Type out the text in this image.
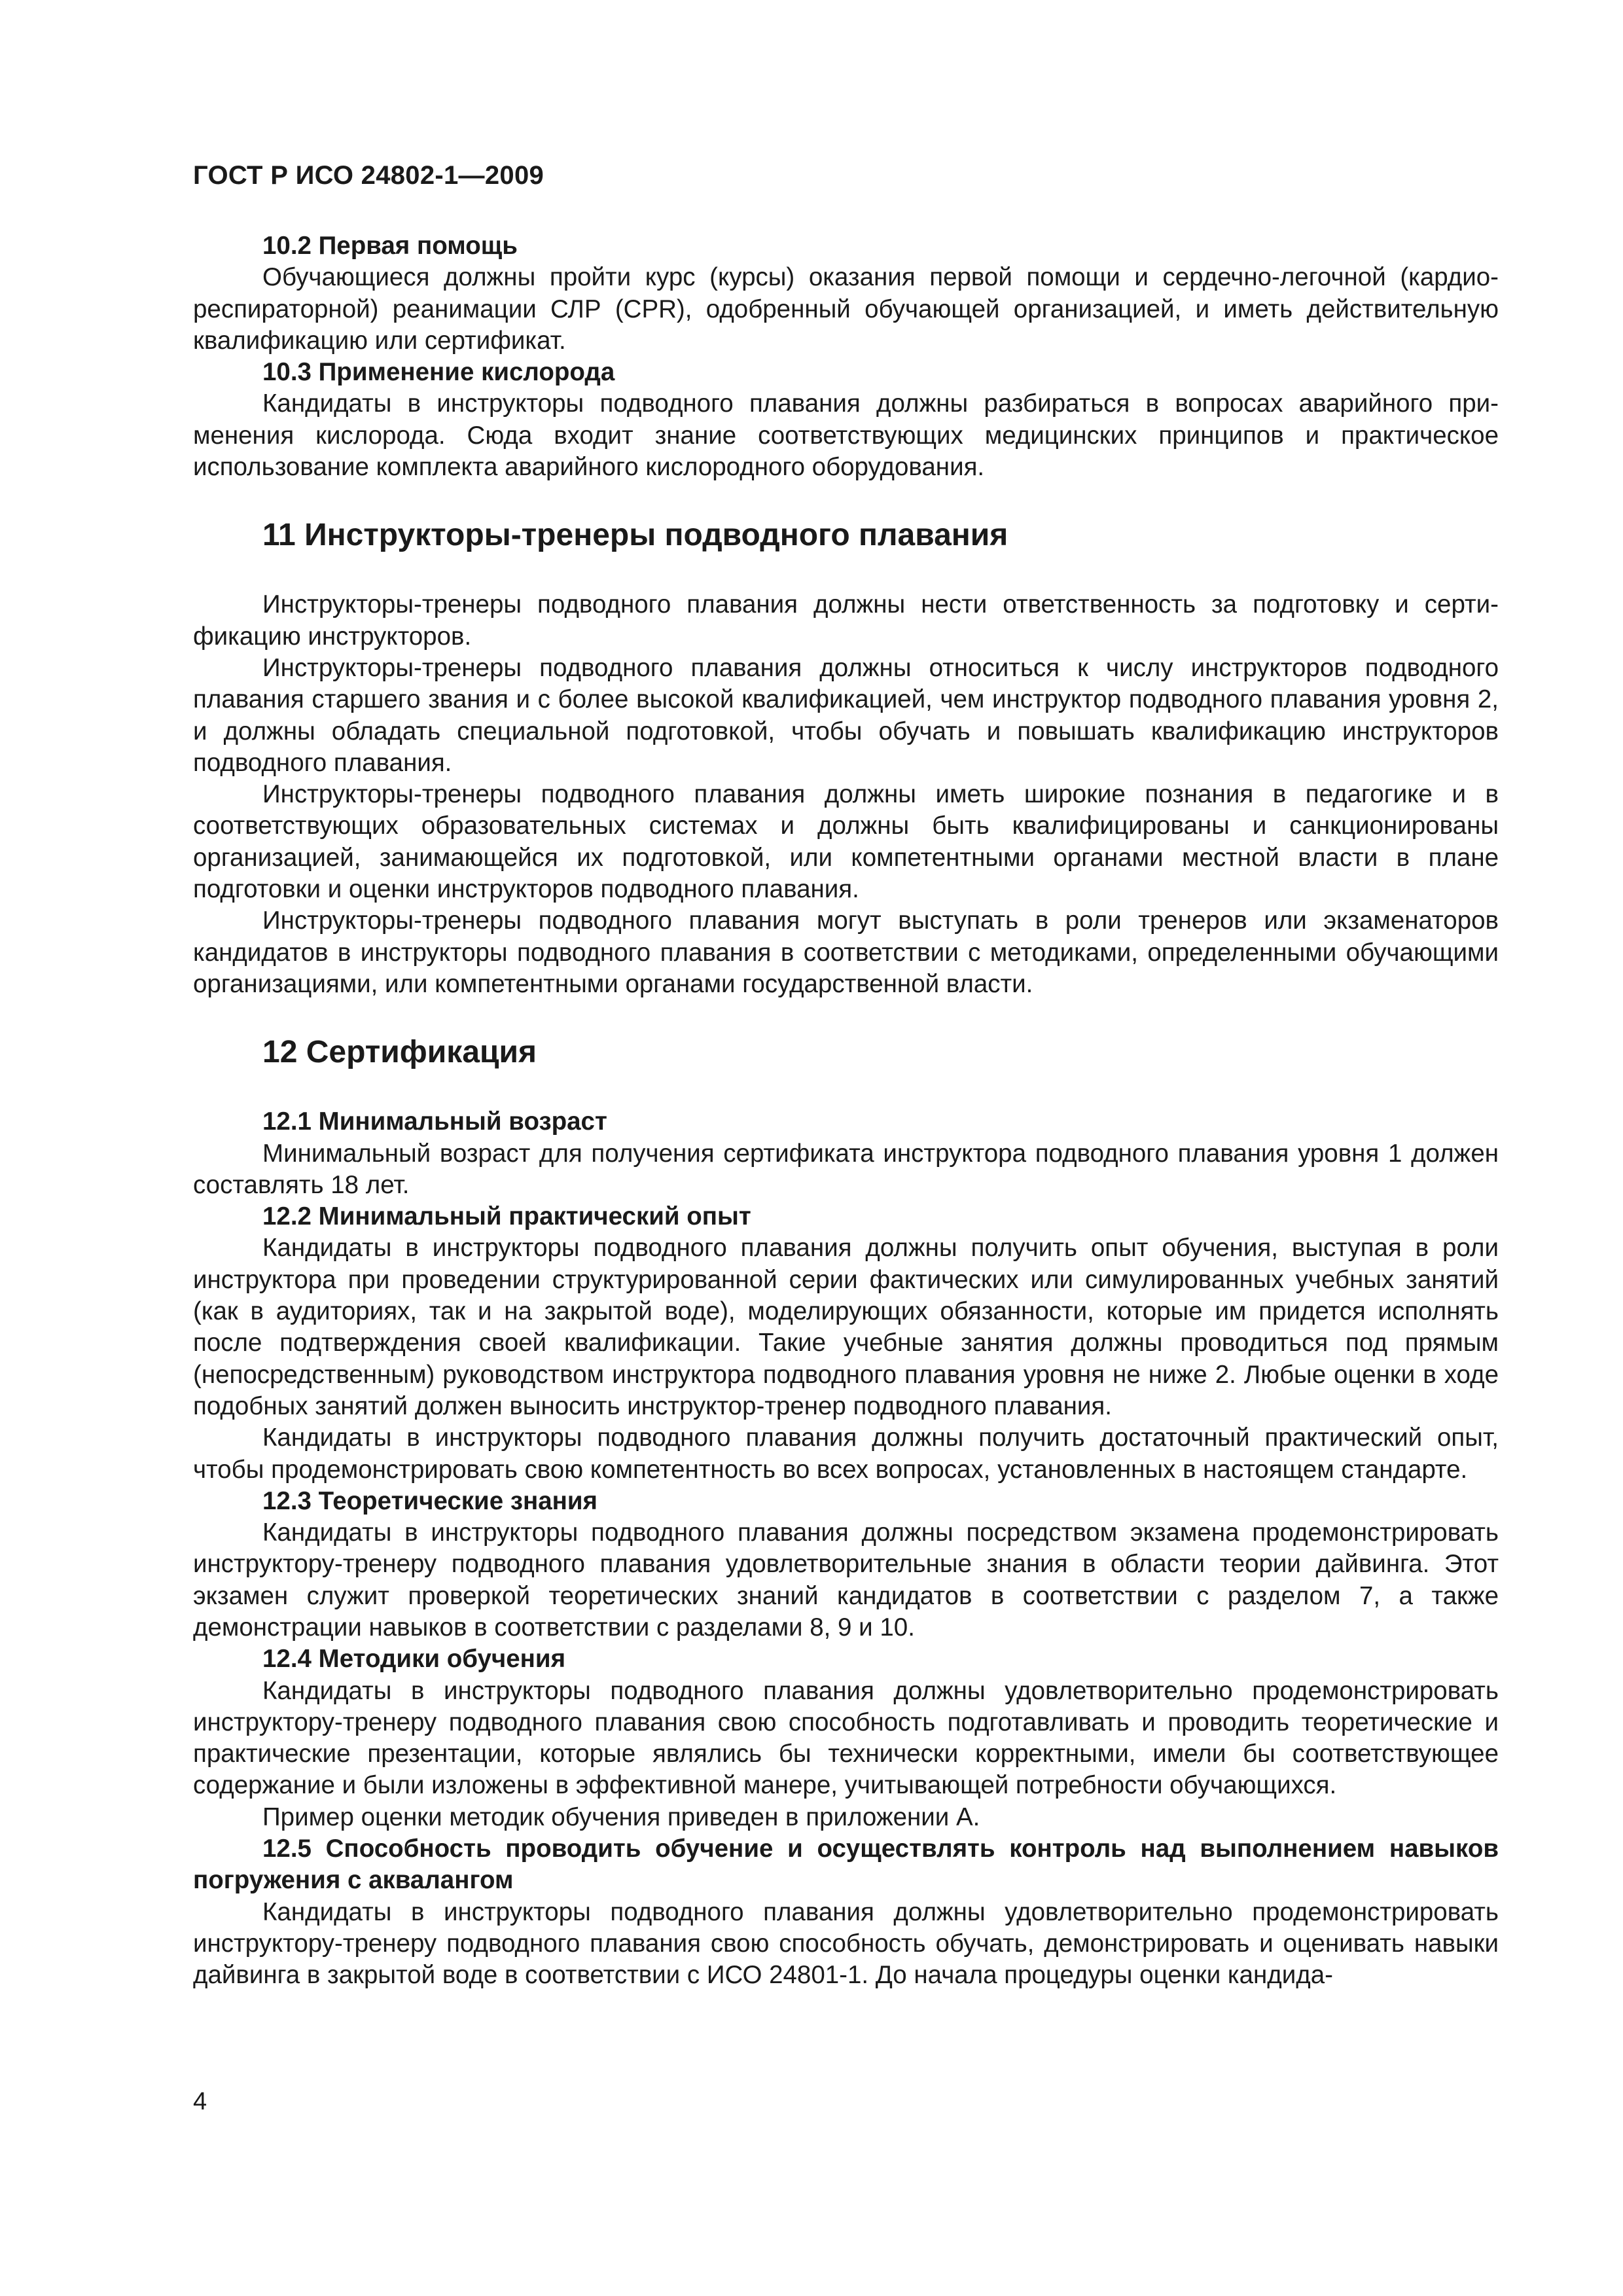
ГОСТ Р ИСО 24802-1—2009
10.2 Первая помощь

Обучающиеся должны пройти курс (курсы) оказания первой помощи и сердечно-легочной (кардиореспираторной) реанимации СЛР (CPR), одобренный обучающей организацией, и иметь действительную квалификацию или сертификат.

10.3 Применение кислорода

Кандидаты в инструкторы подводного плавания должны разбираться в вопросах аварийного применения кислорода. Сюда входит знание соответствующих медицинских принципов и практическое использование комплекта аварийного кислородного оборудования.

11 Инструкторы-тренеры подводного плавания

Инструкторы-тренеры подводного плавания должны нести ответственность за подготовку и сертификацию инструкторов.

Инструкторы-тренеры подводного плавания должны относиться к числу инструкторов подводного плавания старшего звания и с более высокой квалификацией, чем инструктор подводного плавания уровня 2, и должны обладать специальной подготовкой, чтобы обучать и повышать квалификацию инструкторов подводного плавания.

Инструкторы-тренеры подводного плавания должны иметь широкие познания в педагогике и в соответствующих образовательных системах и должны быть квалифицированы и санкционированы организацией, занимающейся их подготовкой, или компетентными органами местной власти в плане подготовки и оценки инструкторов подводного плавания.

Инструкторы-тренеры подводного плавания могут выступать в роли тренеров или экзаменаторов кандидатов в инструкторы подводного плавания в соответствии с методиками, определенными обучающими организациями, или компетентными органами государственной власти.

12 Сертификация
12.1 Минимальный возраст

Минимальный возраст для получения сертификата инструктора подводного плавания уровня 1 должен составлять 18 лет.

12.2 Минимальный практический опыт

Кандидаты в инструкторы подводного плавания должны получить опыт обучения, выступая в роли инструктора при проведении структурированной серии фактических или симулированных учебных занятий (как в аудиториях, так и на закрытой воде), моделирующих обязанности, которые им придется исполнять после подтверждения своей квалификации. Такие учебные занятия должны проводиться под прямым (непосредственным) руководством инструктора подводного плавания уровня не ниже 2. Любые оценки в ходе подобных занятий должен выносить инструктор-тренер подводного плавания.

Кандидаты в инструкторы подводного плавания должны получить достаточный практический опыт, чтобы продемонстрировать свою компетентность во всех вопросах, установленных в настоящем стандарте.

12.3 Теоретические знания

Кандидаты в инструкторы подводного плавания должны посредством экзамена продемонстрировать инструктору-тренеру подводного плавания удовлетворительные знания в области теории дайвинга. Этот экзамен служит проверкой теоретических знаний кандидатов в соответствии с разделом 7, а также демонстрации навыков в соответствии с разделами 8, 9 и 10.

12.4 Методики обучения

Кандидаты в инструкторы подводного плавания должны удовлетворительно продемонстрировать инструктору-тренеру подводного плавания свою способность подготавливать и проводить теоретические и практические презентации, которые являлись бы технически корректными, имели бы соответствующее содержание и были изложены в эффективной манере, учитывающей потребности обучающихся.

Пример оценки методик обучения приведен в приложении А.

12.5 Способность проводить обучение и осуществлять контроль над выполнением навыков погружения с аквалангом

Кандидаты в инструкторы подводного плавания должны удовлетворительно продемонстрировать инструктору-тренеру подводного плавания свою способность обучать, демонстрировать и оценивать навыки дайвинга в закрытой воде в соответствии с ИСО 24801-1. До начала процедуры оценки кандида-

4
